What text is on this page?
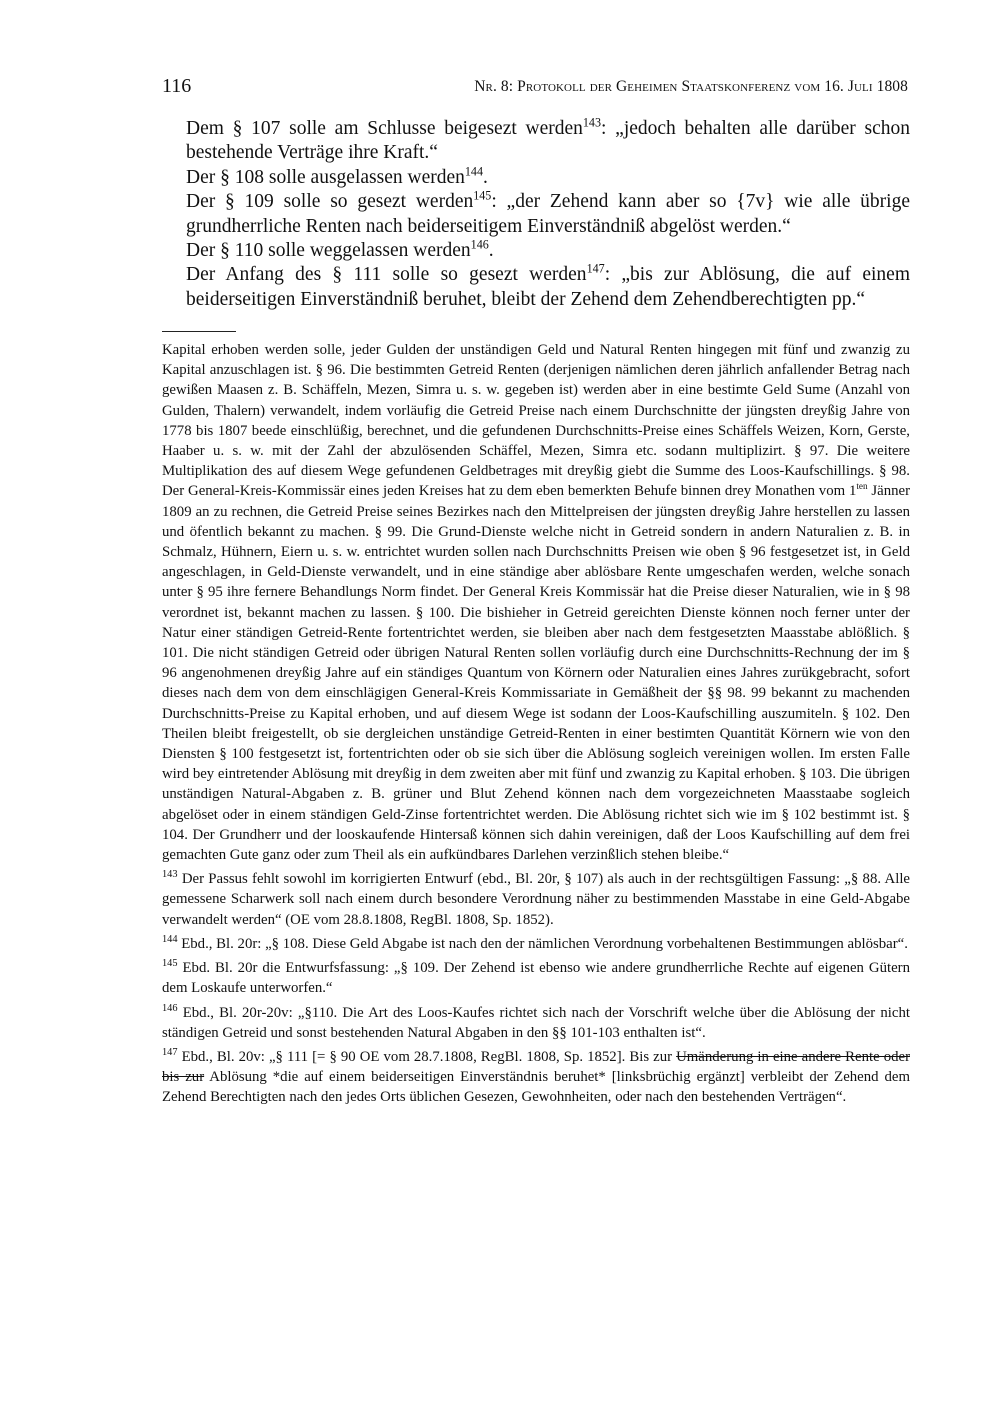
116	Nr. 8: Protokoll der Geheimen Staatskonferenz vom 16. Juli 1808

Dem § 107 solle am Schlusse beigesezt werden$^{143}$: „jedoch behalten alle darüber schon bestehende Verträge ihre Kraft.“

Der § 108 solle ausgelassen werden$^{144}$.

Der § 109 solle so gesezt werden$^{145}$: „der Zehend kann aber so {7v} wie alle übrige grundherrliche Renten nach beiderseitigem Einverständniß abgelöst werden.“

Der § 110 solle weggelassen werden$^{146}$.

Der Anfang des § 111 solle so gesezt werden$^{147}$: „bis zur Ablösung, die auf einem beiderseitigen Einverständniß beruhet, bleibt der Zehend dem Zehendberechtigten pp.“

Kapital erhoben werden solle, jeder Gulden der unständigen Geld und Natural Renten hingegen mit fünf und zwanzig zu Kapital anzuschlagen ist. § 96. Die bestimmten Getreid Renten (derjenigen nämlichen deren jährlich anfallender Betrag nach gewißen Maasen z. B. Schäffeln, Mezen, Simra u. s. w. gegeben ist) werden aber in eine bestimte Geld Sume (Anzahl von Gulden, Thalern) verwandelt, indem vorläufig die Getreid Preise nach einem Durchschnitte der jüngsten dreyßig Jahre von 1778 bis 1807 beede einschlüßig, berechnet, und die gefundenen Durchschnitts-Preise eines Schäffels Weizen, Korn, Gerste, Haaber u. s. w. mit der Zahl der abzulösenden Schäffel, Mezen, Simra etc. sodann multiplizirt. § 97. Die weitere Multiplikation des auf diesem Wege gefundenen Geldbetrages mit dreyßig giebt die Summe des Loos-Kaufschillings. § 98. Der General-Kreis-Kommissär eines jeden Kreises hat zu dem eben bemerkten Behufe binnen drey Monathen vom $1^{ten}$ Jänner 1809 an zu rechnen, die Getreid Preise seines Bezirkes nach den Mittelpreisen der jüngsten dreyßig Jahre herstellen zu lassen und öfentlich bekannt zu machen. § 99. Die Grund-Dienste welche nicht in Getreid sondern in andern Naturalien z. B. in Schmalz, Hühnern, Eiern u. s. w. entrichtet wurden sollen nach Durchschnitts Preisen wie oben § 96 festgesetzet ist, in Geld angeschlagen, in Geld-Dienste verwandelt, und in eine ständige aber ablösbare Rente umgeschafen werden, welche sonach unter § 95 ihre fernere Behandlungs Norm findet. Der General Kreis Kommissär hat die Preise dieser Naturalien, wie in § 98 verordnet ist, bekannt machen zu lassen. § 100. Die bishieher in Getreid gereichten Dienste können noch ferner unter der Natur einer ständigen Getreid-Rente fortentrichtet werden, sie bleiben aber nach dem festgesetzten Maasstabe ablößlich. § 101. Die nicht ständigen Getreid oder übrigen Natural Renten sollen vorläufig durch eine Durchschnitts-Rechnung der im § 96 angenohmenen dreyßig Jahre auf ein ständiges Quantum von Körnern oder Naturalien eines Jahres zurükgebracht, sofort dieses nach dem von dem einschlägigen General-Kreis Kommissariate in Gemäßheit der §§ 98. 99 bekannt zu machenden Durchschnitts-Preise zu Kapital erhoben, und auf diesem Wege ist sodann der Loos-Kaufschilling auszumiteln. § 102. Den Theilen bleibt freigestellt, ob sie dergleichen unständige Getreid-Renten in einer bestimten Quantität Körnern wie von den Diensten § 100 festgesetzt ist, fortentrichten oder ob sie sich über die Ablösung sogleich vereinigen wollen. Im ersten Falle wird bey eintretender Ablösung mit dreyßig in dem zweiten aber mit fünf und zwanzig zu Kapital erhoben. § 103. Die übrigen unständigen Natural-Abgaben z. B. grüner und Blut Zehend können nach dem vorgezeichneten Maasstaabe sogleich abgelöset oder in einem ständigen Geld-Zinse fortentrichtet werden. Die Ablösung richtet sich wie im § 102 bestimmt ist. § 104. Der Grundherr und der looskaufende Hintersaß können sich dahin vereinigen, daß der Loos Kaufschilling auf dem frei gemachten Gute ganz oder zum Theil als ein aufkündbares Darlehen verzinßlich stehen bleibe.“

$^{143}$ Der Passus fehlt sowohl im korrigierten Entwurf (ebd., Bl. 20r, § 107) als auch in der rechtsgültigen Fassung: „§ 88. Alle gemessene Scharwerk soll nach einem durch besondere Verordnung näher zu bestimmenden Masstabe in eine Geld-Abgabe verwandelt werden“ (OE vom 28.8.1808, RegBl. 1808, Sp. 1852).

$^{144}$ Ebd., Bl. 20r: „§ 108. Diese Geld Abgabe ist nach den der nämlichen Verordnung vorbehaltenen Bestimmungen ablösbar“.

$^{145}$ Ebd. Bl. 20r die Entwurfsfassung: „§ 109. Der Zehend ist ebenso wie andere grundherrliche Rechte auf eigenen Gütern dem Loskaufe unterworfen.“

$^{146}$ Ebd., Bl. 20r-20v: „§110. Die Art des Loos-Kaufes richtet sich nach der Vorschrift welche über die Ablösung der nicht ständigen Getreid und sonst bestehenden Natural Abgaben in den §§ 101-103 enthalten ist“.

$^{147}$ Ebd., Bl. 20v: „§ 111 [= § 90 OE vom 28.7.1808, RegBl. 1808, Sp. 1852]. Bis zur Umänderung in eine andere Rente oder bis zur Ablösung *die auf einem beiderseitigen Einverständnis beruhet* [linksbrüchig ergänzt] verbleibt der Zehend dem Zehend Berechtigten nach den jedes Orts üblichen Gesezen, Gewohnheiten, oder nach den bestehenden Verträgen“.
